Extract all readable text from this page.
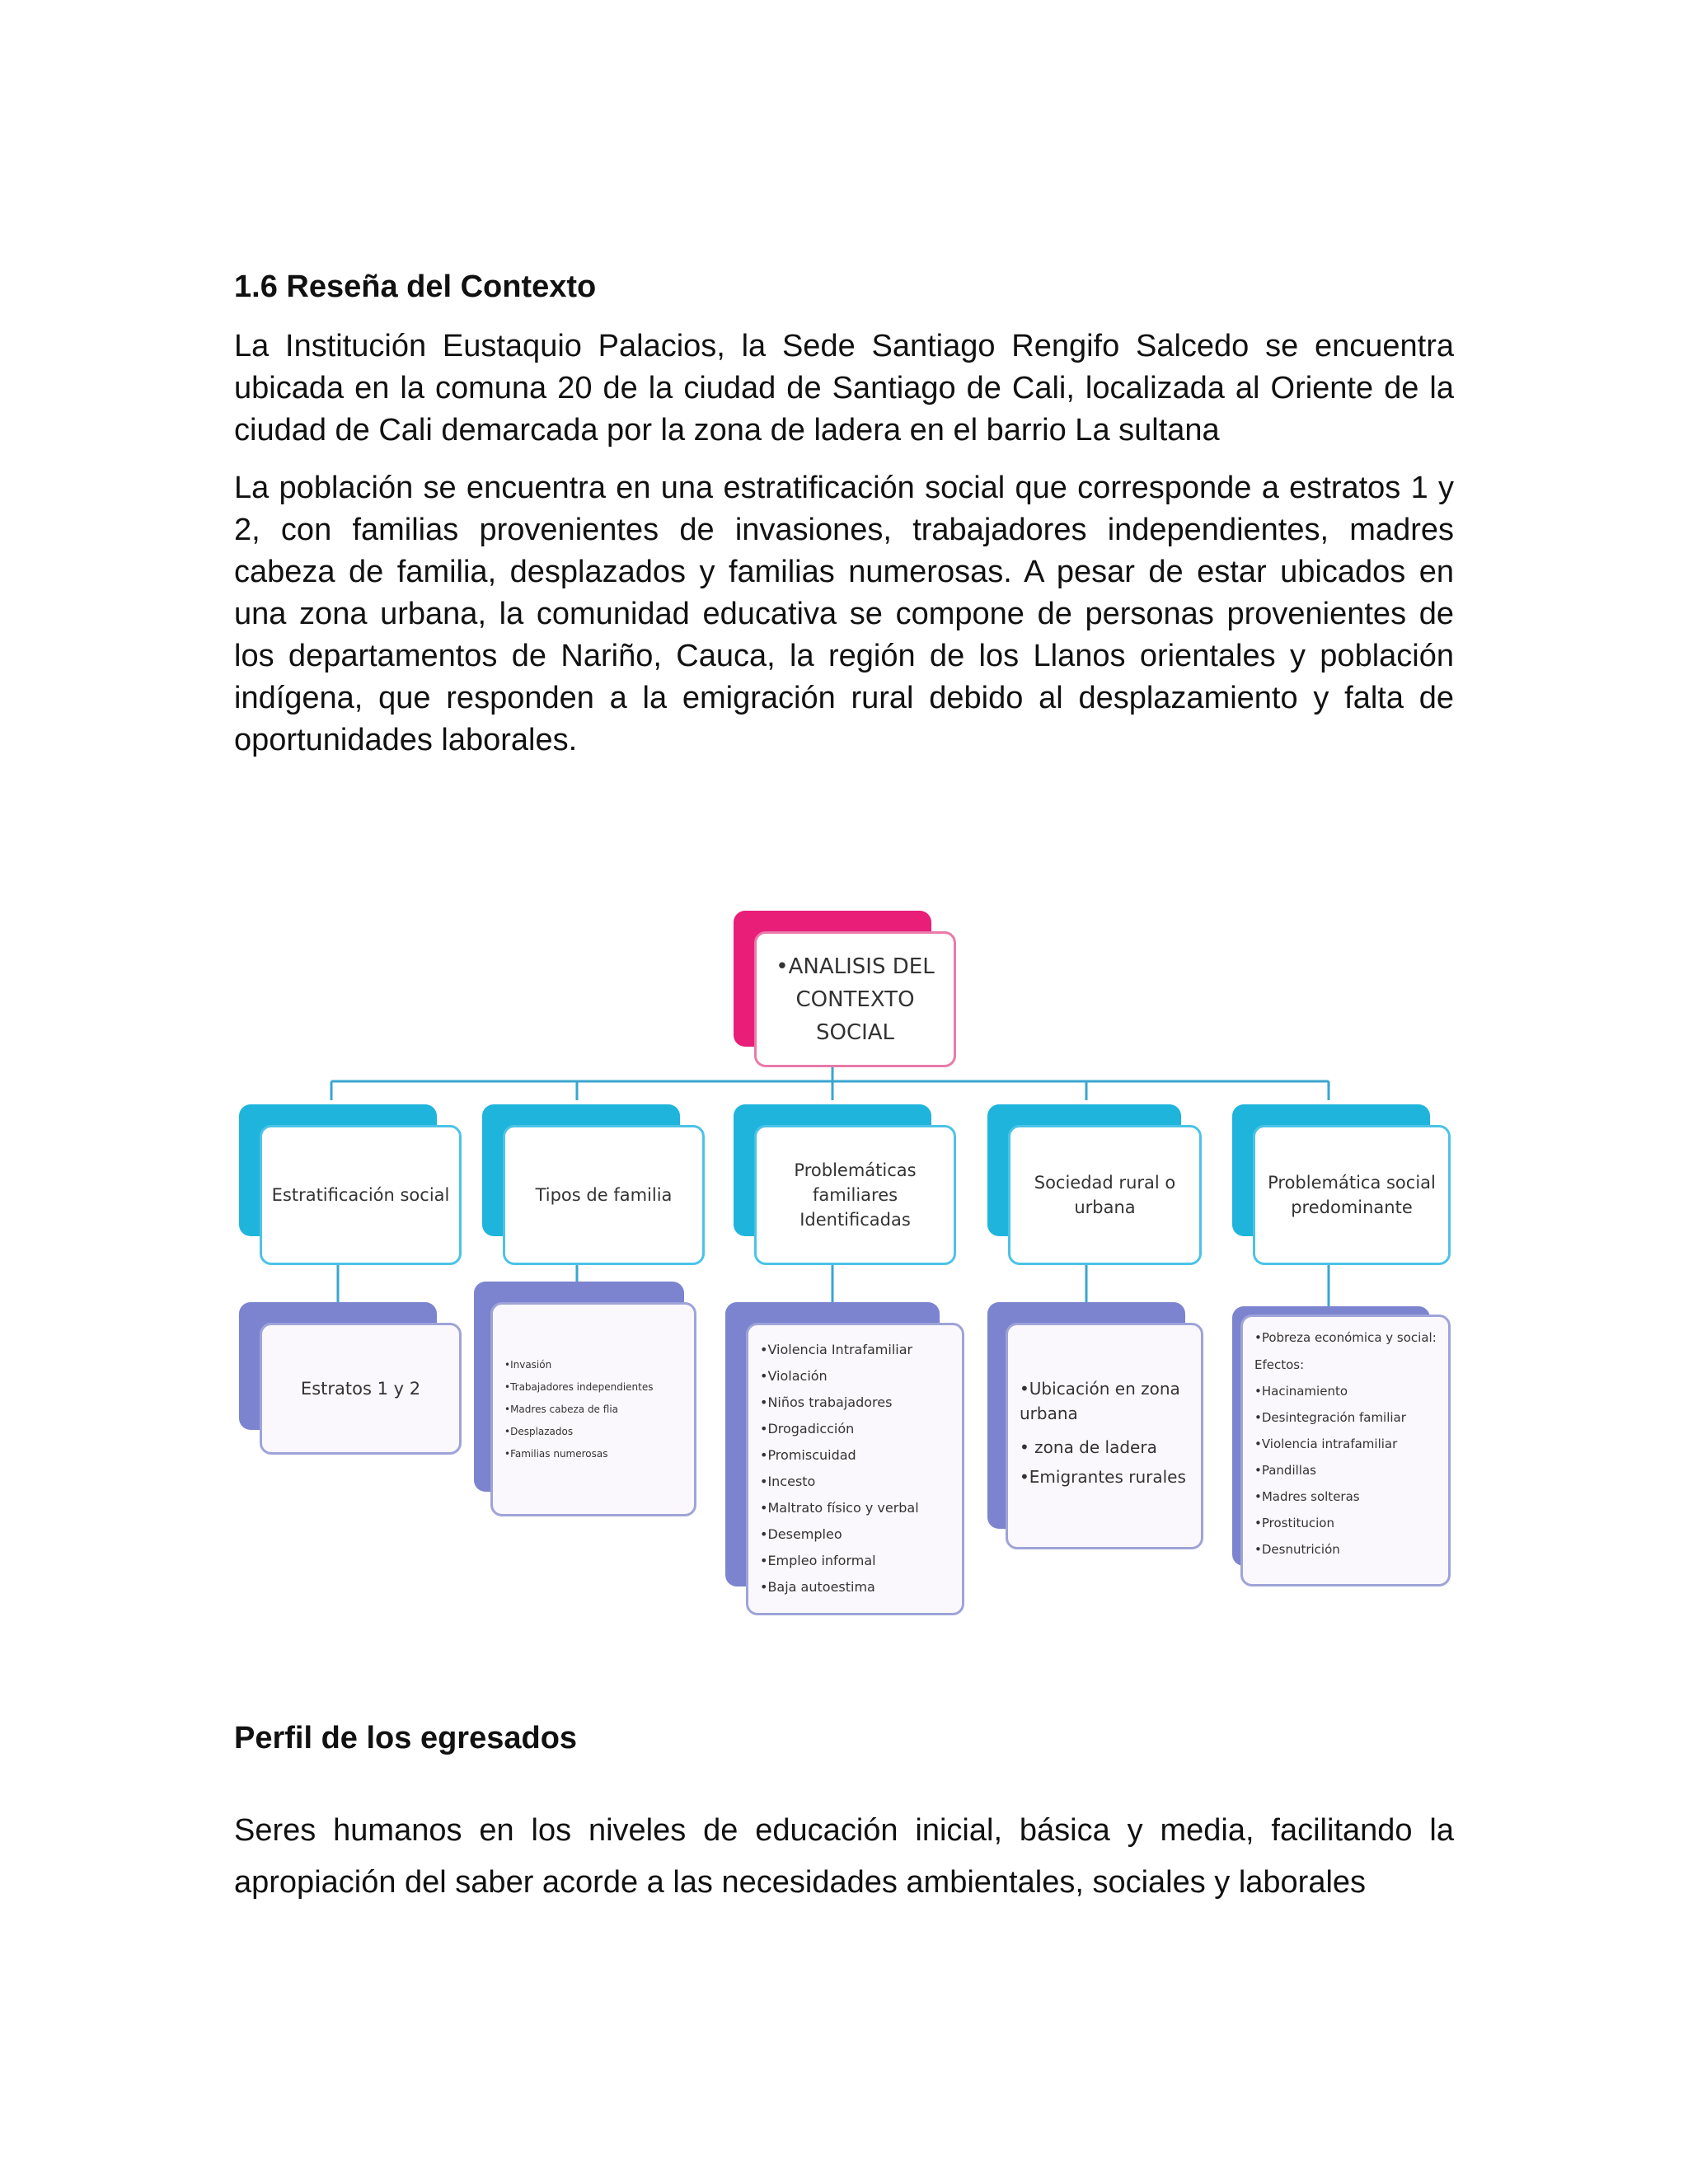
1.6 Reseña del Contexto

La Institución Eustaquio Palacios, la Sede Santiago Rengifo Salcedo se encuentra ubicada en la comuna 20 de la ciudad de Santiago de Cali, localizada al Oriente de la ciudad de Cali demarcada por la zona de ladera en el barrio La sultana

La población se encuentra en una estratificación social que corresponde a estratos 1 y 2, con familias provenientes de invasiones, trabajadores independientes, madres cabeza de familia, desplazados y familias numerosas. A pesar de estar ubicados en una zona urbana, la comunidad educativa se compone de personas provenientes de los departamentos de Nariño, Cauca, la región de los Llanos orientales y población indígena, que responden a la emigración rural debido al desplazamiento y falta de oportunidades laborales.

•ANALISIS DEL CONTEXTO SOCIAL
Estratificación social	Tipos de familia
Problemáticas familiares Identificadas
Sociedad rural o urbana
Problemática social predominante
Estratos 1 y 2
•Invasión
•Trabajadores independientes
•Madres cabeza de flia
•Desplazados
•Familias numerosas
•Violencia Intrafamiliar
•Violación
•Niños trabajadores
•Drogadicción
•Promiscuidad
•Incesto
•Maltrato físico y verbal
•Desempleo
•Empleo informal
•Baja autoestima
•Ubicación en zona urbana
• zona de ladera
•Emigrantes rurales
•Pobreza económica y social:
Efectos:
•Hacinamiento
•Desintegración familiar
•Violencia intrafamiliar
•Pandillas
•Madres solteras
•Prostitucion
•Desnutrición
Perfil de los egresados

Seres humanos en los niveles de educación inicial, básica y media, facilitando la apropiación del saber acorde a las necesidades ambientales, sociales y laborales
